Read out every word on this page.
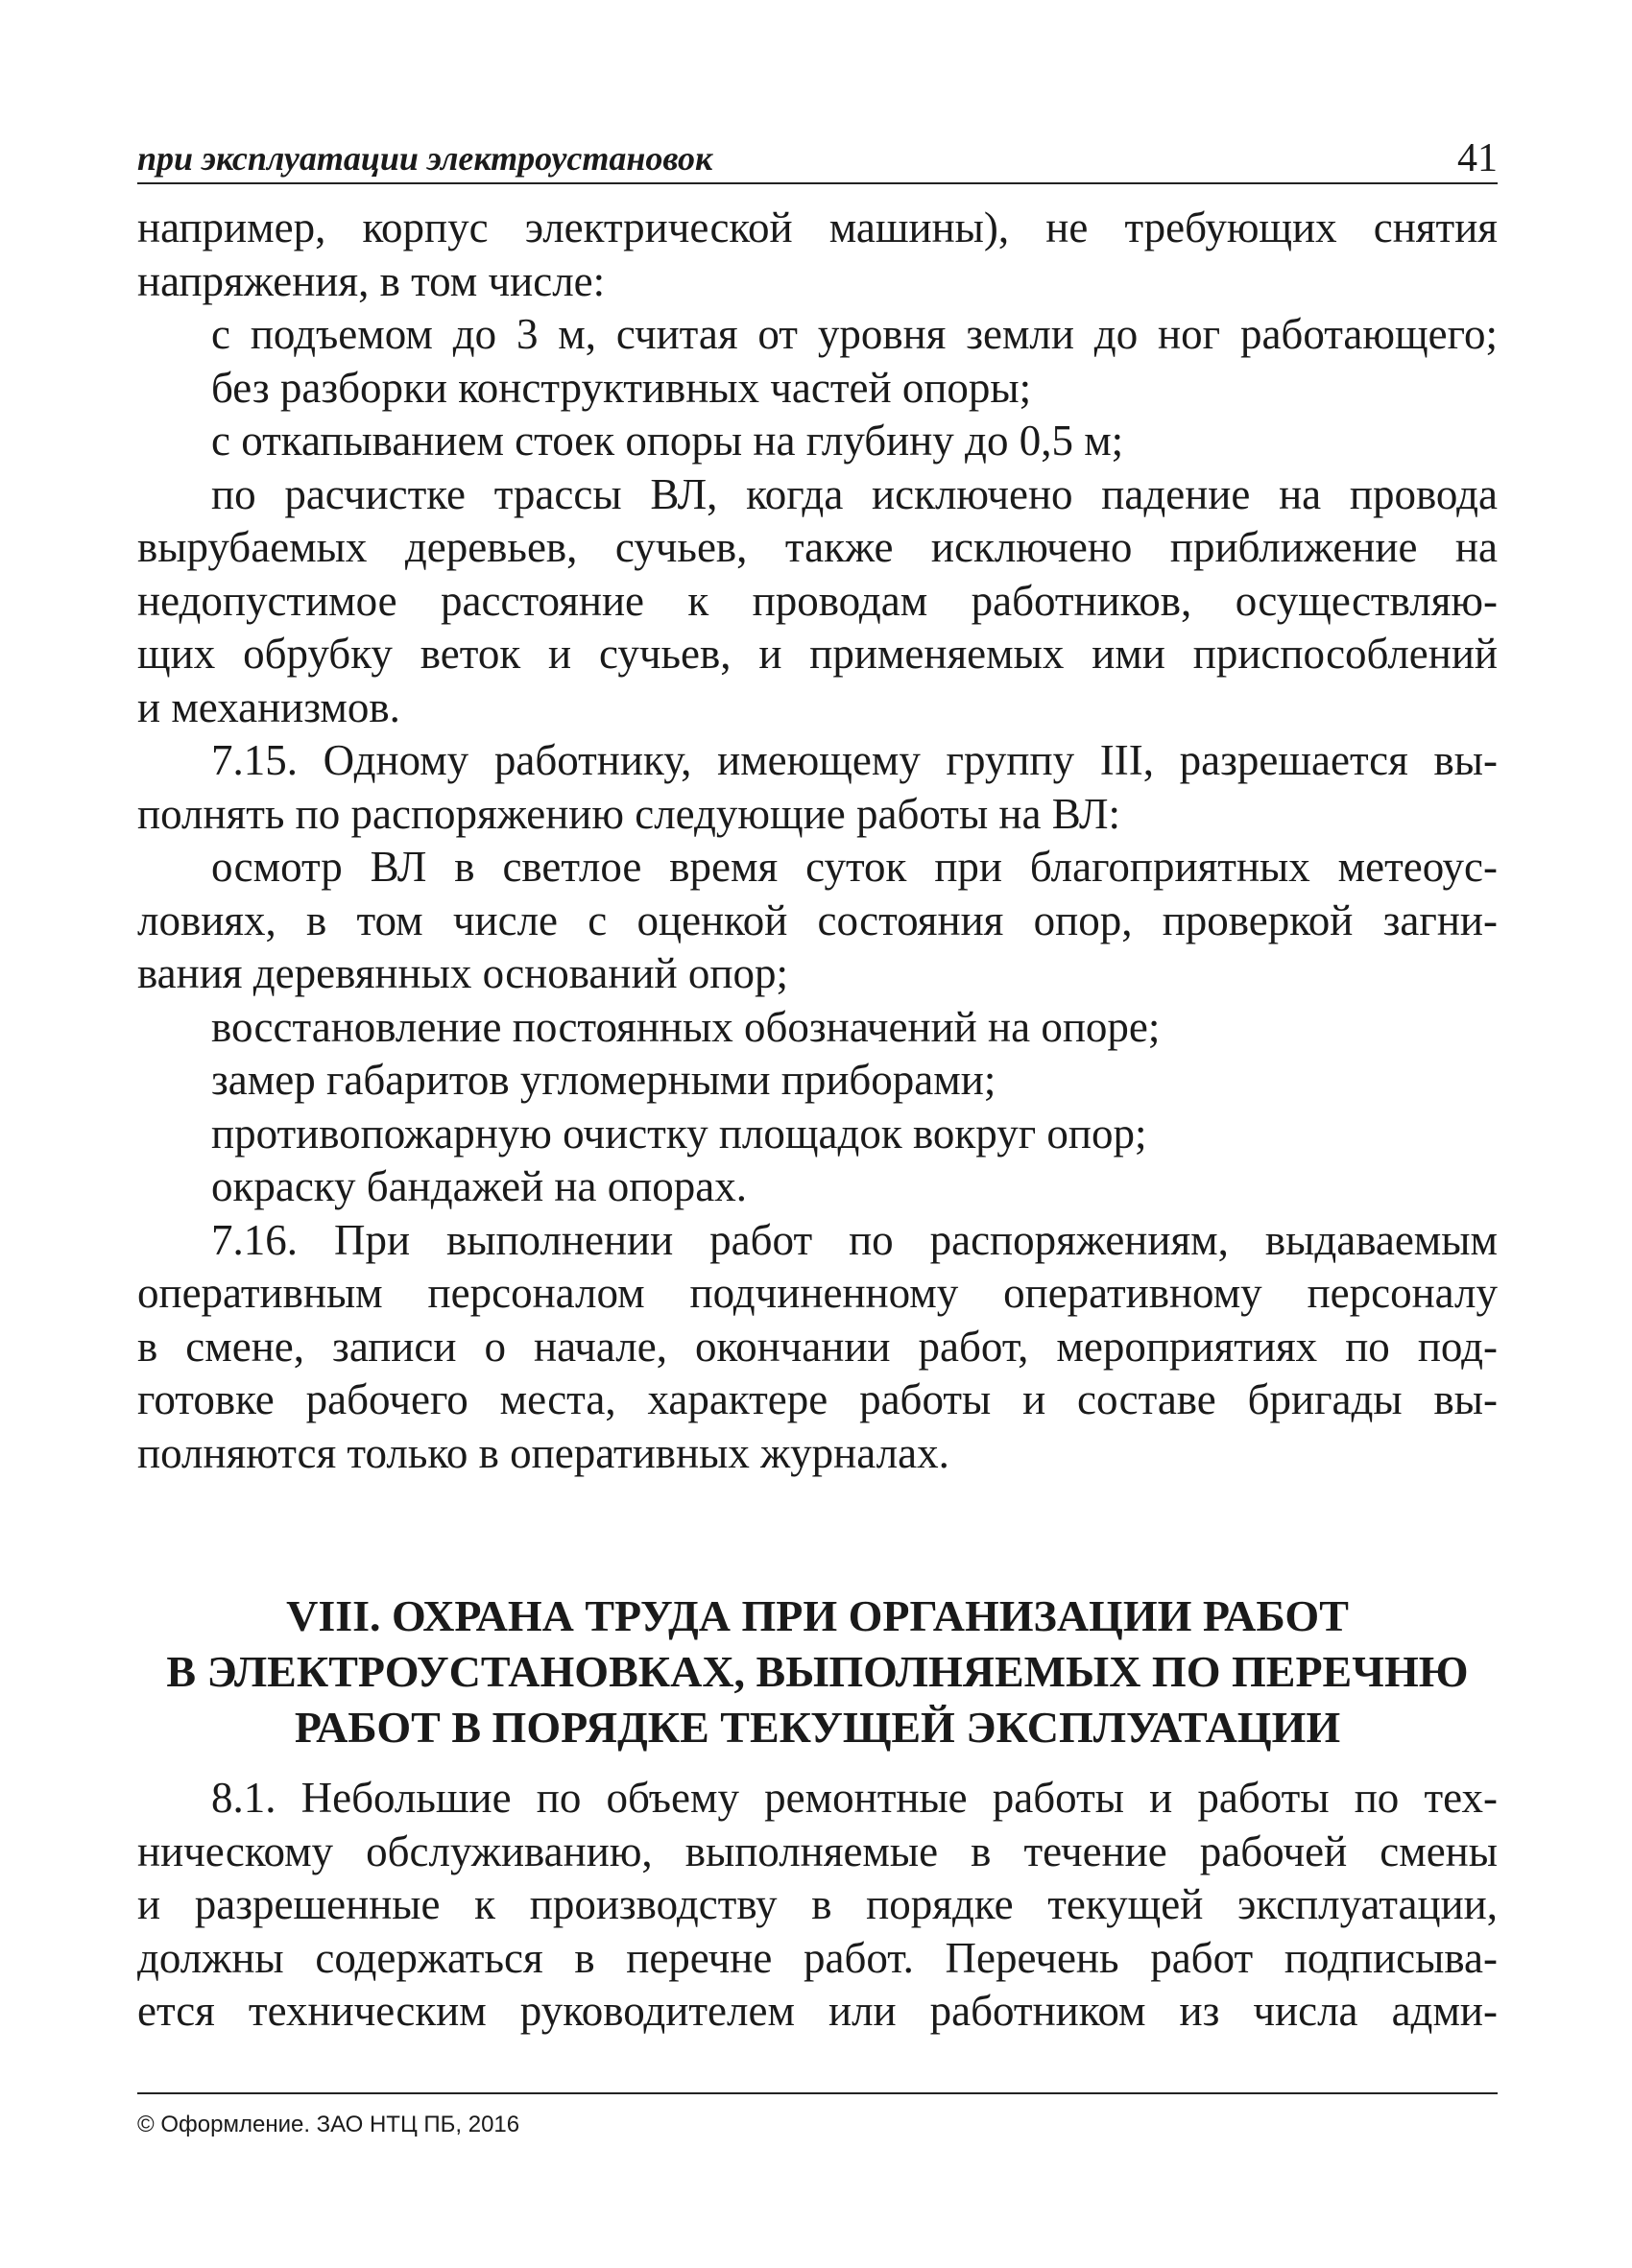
при эксплуатации электроустановок	41
например, корпус электрической машины), не требующих снятия
напряжения, в том числе:
с подъемом до 3 м, считая от уровня земли до ног работающего;
без разборки конструктивных частей опоры;
с откапыванием стоек опоры на глубину до 0,5 м;
по расчистке трассы ВЛ, когда исключено падение на провода
вырубаемых деревьев, сучьев, также исключено приближение на
недопустимое расстояние к проводам работников, осуществляю-
щих обрубку веток и сучьев, и применяемых ими приспособлений
и механизмов.
7.15. Одному работнику, имеющему группу III, разрешается вы-
полнять по распоряжению следующие работы на ВЛ:
осмотр ВЛ в светлое время суток при благоприятных метеоус-
ловиях, в том числе с оценкой состояния опор, проверкой загни-
вания деревянных оснований опор;
восстановление постоянных обозначений на опоре;
замер габаритов угломерными приборами;
противопожарную очистку площадок вокруг опор;
окраску бандажей на опорах.
7.16. При выполнении работ по распоряжениям, выдаваемым
оперативным персоналом подчиненному оперативному персоналу
в смене, записи о начале, окончании работ, мероприятиях по под-
готовке рабочего места, характере работы и составе бригады вы-
полняются только в оперативных журналах.
VIII. ОХРАНА ТРУДА ПРИ ОРГАНИЗАЦИИ РАБОТ
В ЭЛЕКТРОУСТАНОВКАХ, ВЫПОЛНЯЕМЫХ ПО ПЕРЕЧНЮ
РАБОТ В ПОРЯДКЕ ТЕКУЩЕЙ ЭКСПЛУАТАЦИИ
8.1. Небольшие по объему ремонтные работы и работы по тех-
ническому обслуживанию, выполняемые в течение рабочей смены
и разрешенные к производству в порядке текущей эксплуатации,
должны содержаться в перечне работ. Перечень работ подписыва-
ется техническим руководителем или работником из числа адми-
© Оформление. ЗАО НТЦ ПБ, 2016
